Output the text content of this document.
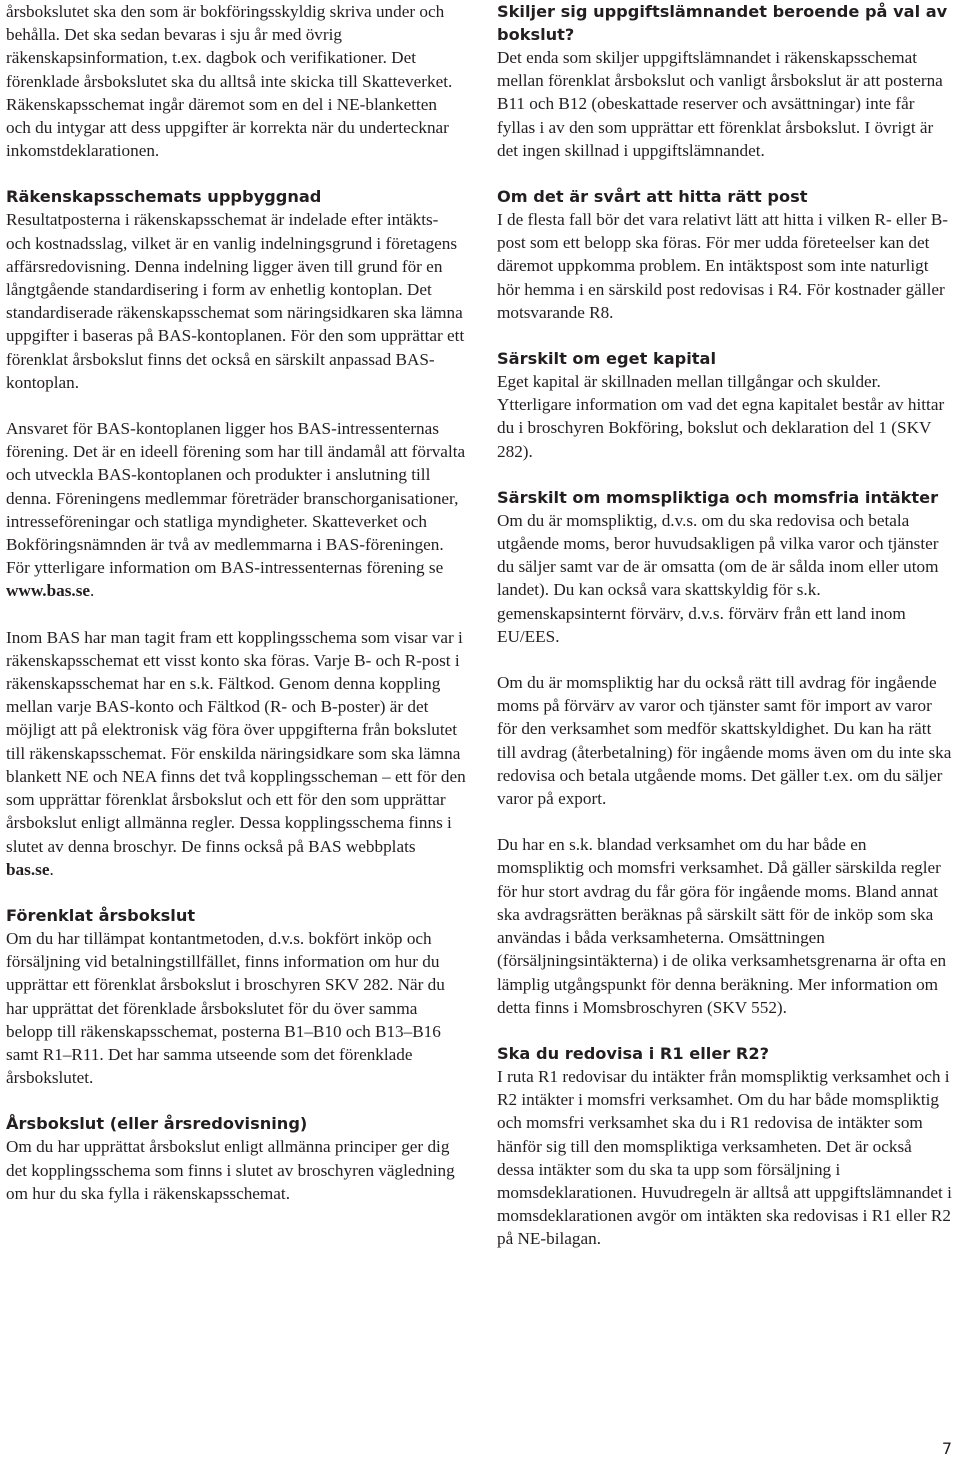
årsbokslutet ska den som är bokföringsskyldig skriva under och behålla. Det ska sedan bevaras i sju år med övrig räkenskapsinformation, t.ex. dagbok och verifikationer. Det förenklade årsbokslutet ska du alltså inte skicka till Skatteverket. Räkenskapsschemat ingår däremot som en del i NE-blanketten och du intygar att dess uppgifter är korrekta när du undertecknar inkomstdeklarationen.

Räkenskapsschemats uppbyggnad

Resultatposterna i räkenskapsschemat är indelade efter intäkts- och kostnadsslag, vilket är en vanlig indelningsgrund i företagens affärsredovisning. Denna indelning ligger även till grund för en långtgående standardisering i form av enhetlig kontoplan. Det standardiserade räkenskapsschemat som näringsidkaren ska lämna uppgifter i baseras på BAS-kontoplanen. För den som upprättar ett förenklat årsbokslut finns det också en särskilt anpassad BAS-kontoplan.

Ansvaret för BAS-kontoplanen ligger hos BAS-intressenternas förening. Det är en ideell förening som har till ändamål att förvalta och utveckla BAS-kontoplanen och produkter i anslutning till denna. Föreningens medlemmar företräder branschorganisationer, intresseföreningar och statliga myndigheter. Skatteverket och Bokföringsnämnden är två av medlemmarna i BAS-föreningen. För ytterligare information om BAS-intressenternas förening se www.bas.se.

Inom BAS har man tagit fram ett kopplingsschema som visar var i räkenskapsschemat ett visst konto ska föras. Varje B- och R-post i räkenskapsschemat har en s.k. Fältkod. Genom denna koppling mellan varje BAS-konto och Fältkod (R- och B-poster) är det möjligt att på elektronisk väg föra över uppgifterna från bokslutet till räkenskapsschemat. För enskilda näringsidkare som ska lämna blankett NE och NEA finns det två kopplingsscheman – ett för den som upprättar förenklat årsbokslut och ett för den som upprättar årsbokslut enligt allmänna regler. Dessa kopplingsschema finns i slutet av denna broschyr. De finns också på BAS webbplats bas.se.

Förenklat årsbokslut

Om du har tillämpat kontantmetoden, d.v.s. bokfört inköp och försäljning vid betalningstillfället, finns information om hur du upprättar ett förenklat årsbokslut i broschyren SKV 282. När du har upprättat det förenklade årsbokslutet för du över samma belopp till räkenskapsschemat, posterna B1–B10 och B13–B16 samt R1–R11. Det har samma utseende som det förenklade årsbokslutet.

Årsbokslut (eller årsredovisning)

Om du har upprättat årsbokslut enligt allmänna principer ger dig det kopplingsschema som finns i slutet av broschyren vägledning om hur du ska fylla i räkenskapsschemat.

Skiljer sig uppgiftslämnandet beroende på val av bokslut?

Det enda som skiljer uppgiftslämnandet i räkenskapsschemat mellan förenklat årsbokslut och vanligt årsbokslut är att posterna B11 och B12 (obeskattade reserver och avsättningar) inte får fyllas i av den som upprättar ett förenklat årsbokslut. I övrigt är det ingen skillnad i uppgiftslämnandet.

Om det är svårt att hitta rätt post

I de flesta fall bör det vara relativt lätt att hitta i vilken R- eller B-post som ett belopp ska föras. För mer udda företeelser kan det däremot uppkomma problem. En intäktspost som inte naturligt hör hemma i en särskild post redovisas i R4. För kostnader gäller motsvarande R8.

Särskilt om eget kapital

Eget kapital är skillnaden mellan tillgångar och skulder. Ytterligare information om vad det egna kapitalet består av hittar du i broschyren Bokföring, bokslut och deklaration del 1 (SKV 282).

Särskilt om momspliktiga och momsfria intäkter

Om du är momspliktig, d.v.s. om du ska redovisa och betala utgående moms, beror huvudsakligen på vilka varor och tjänster du säljer samt var de är omsatta (om de är sålda inom eller utom landet). Du kan också vara skattskyldig för s.k. gemenskapsinternt förvärv, d.v.s. förvärv från ett land inom EU/EES.

Om du är momspliktig har du också rätt till avdrag för ingående moms på förvärv av varor och tjänster samt för import av varor för den verksamhet som medför skattskyldighet. Du kan ha rätt till avdrag (återbetalning) för ingående moms även om du inte ska redovisa och betala utgående moms. Det gäller t.ex. om du säljer varor på export.

Du har en s.k. blandad verksamhet om du har både en momspliktig och momsfri verksamhet. Då gäller särskilda regler för hur stort avdrag du får göra för ingående moms. Bland annat ska avdragsrätten beräknas på särskilt sätt för de inköp som ska användas i båda verksamheterna. Omsättningen (försäljningsintäkterna) i de olika verksamhetsgrenarna är ofta en lämplig utgångspunkt för denna beräkning. Mer information om detta finns i Momsbroschyren (SKV 552).

Ska du redovisa i R1 eller R2?

I ruta R1 redovisar du intäkter från momspliktig verksamhet och i R2 intäkter i momsfri verksamhet. Om du har både momspliktig och momsfri verksamhet ska du i R1 redovisa de intäkter som hänför sig till den momspliktiga verksamheten. Det är också dessa intäkter som du ska ta upp som försäljning i momsdeklarationen. Huvudregeln är alltså att uppgiftslämnandet i momsdeklarationen avgör om intäkten ska redovisas i R1 eller R2 på NE-bilagan.

7
